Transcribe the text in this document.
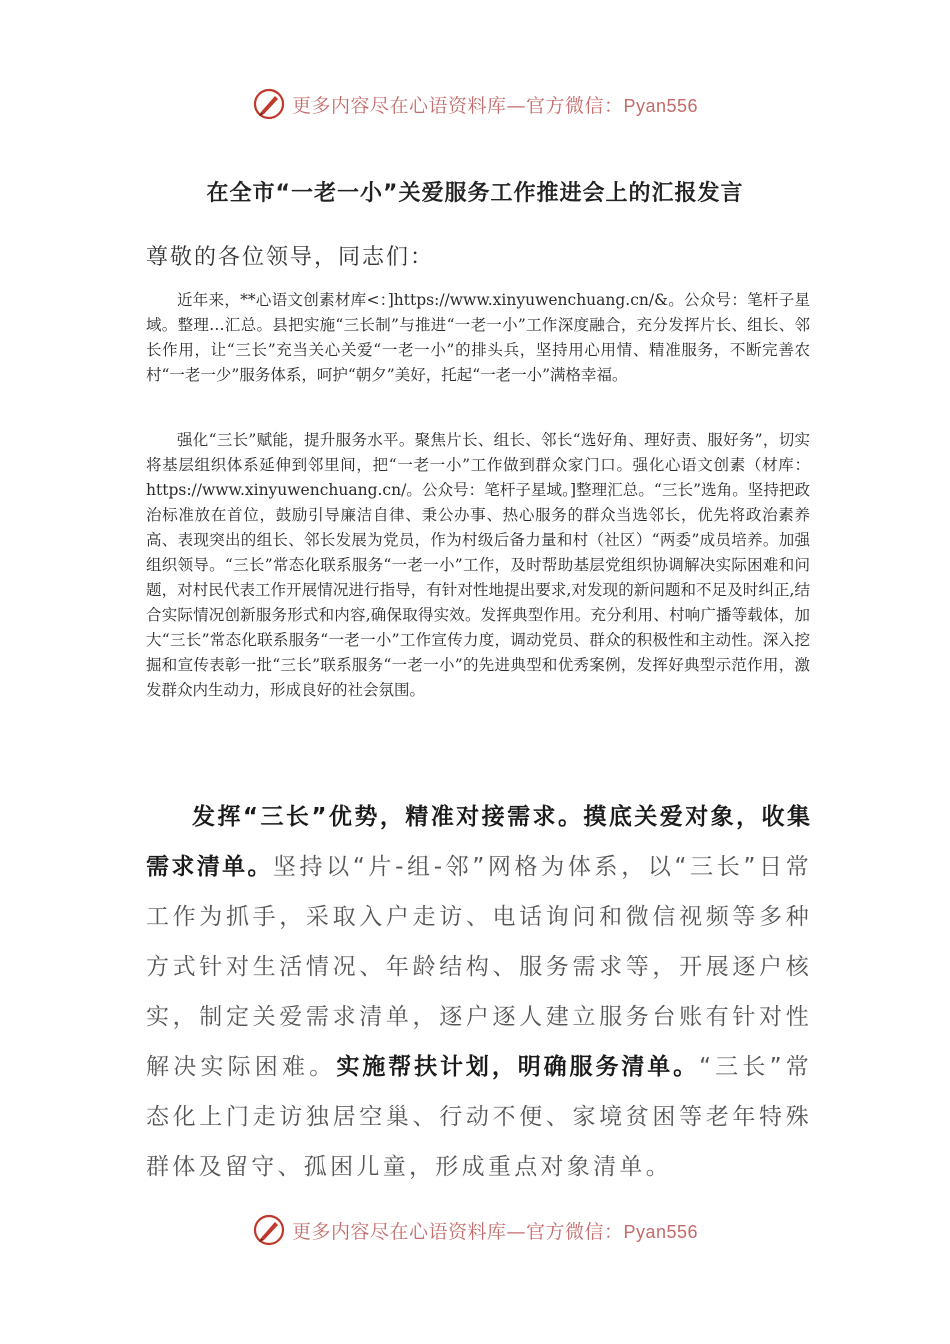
更多内容尽在心语资料库—官方微信：Pyan556
在全市“一老一小”关爱服务工作推进会上的汇报发言
尊敬的各位领导，同志们：

近年来，**心语文创素材库<：]https://www.xinyuwenchuang.cn/&。公众号：笔杆子星域。整理…汇总。县把实施“三长制”与推进“一老一小”工作深度融合，充分发挥片长、组长、邻长作用，让“三长”充当关心关爱“一老一小”的排头兵，坚持用心用情、精准服务，不断完善农村“一老一少”服务体系，呵护“朝夕”美好，托起“一老一小”满格幸福。

强化“三长”赋能，提升服务水平。聚焦片长、组长、邻长“选好角、理好责、服好务”，切实将基层组织体系延伸到邻里间，把“一老一小”工作做到群众家门口。强化心语文创素（材库：https://www.xinyuwenchuang.cn/。公众号：笔杆子星域。]整理汇总。“三长”选角。坚持把政治标准放在首位，鼓励引导廉洁自律、秉公办事、热心服务的群众当选邻长，优先将政治素养高、表现突出的组长、邻长发展为党员，作为村级后备力量和村（社区）“两委”成员培养。加强组织领导。“三长”常态化联系服务“一老一小”工作，及时帮助基层党组织协调解决实际困难和问题，对村民代表工作开展情况进行指导，有针对性地提出要求,对发现的新问题和不足及时纠正,结合实际情况创新服务形式和内容,确保取得实效。发挥典型作用。充分利用、村响广播等载体，加大“三长”常态化联系服务“一老一小”工作宣传力度，调动党员、群众的积极性和主动性。深入挖掘和宣传表彰一批“三长”联系服务“一老一小”的先进典型和优秀案例，发挥好典型示范作用，激发群众内生动力，形成良好的社会氛围。

发挥“三长”优势，精准对接需求。摸底关爱对象，收集需求清单。坚持以“片-组-邻”网格为体系，以“三长”日常工作为抓手，采取入户走访、电话询问和微信视频等多种方式针对生活情况、年龄结构、服务需求等，开展逐户核实，制定关爱需求清单，逐户逐人建立服务台账有针对性解决实际困难。实施帮扶计划，明确服务清单。“三长”常态化上门走访独居空巢、行动不便、家境贫困等老年特殊群体及留守、孤困儿童，形成重点对象清单。

更多内容尽在心语资料库—官方微信：Pyan556
